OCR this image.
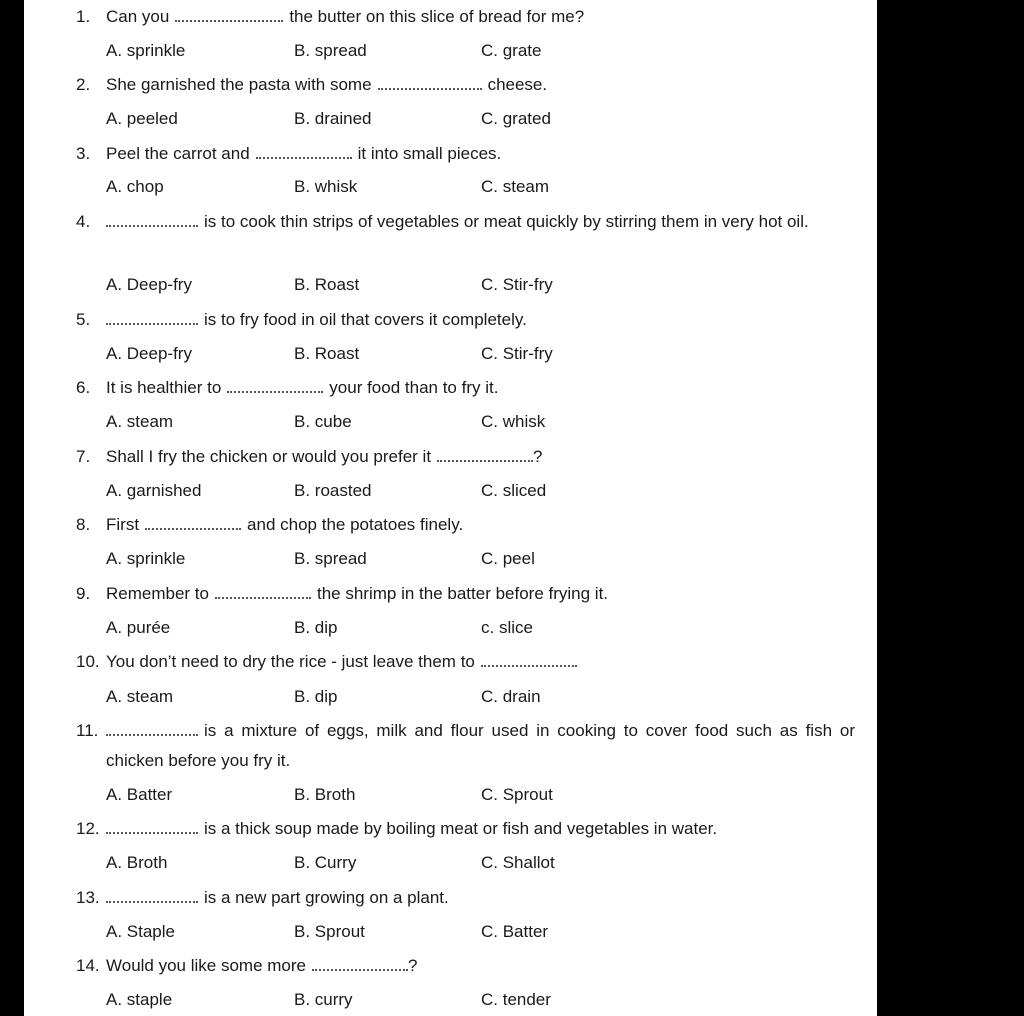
1. Can you	the butter on this slice of bread for me?
A. sprinkle	B. spread	C. grate
2. She garnished the pasta with some	cheese.
A. peeled	B. drained	C. grated
3. Peel the carrot and	it into small pieces.
A. chop	B. whisk	C. steam
4.	is to cook thin strips of vegetables or meat quickly by stirring them in very hot oil.
A. Deep-fry	B. Roast	C. Stir-fry
5.	is to fry food in oil that covers it completely.
A. Deep-fry	B. Roast	C. Stir-fry
6. It is healthier to	your food than to fry it.
A. steam	B. cube	C. whisk
7. Shall I fry the chicken or would you prefer it	?
A. garnished	B. roasted	C. sliced
8. First	and chop the potatoes finely.
A. sprinkle	B. spread	C. peel
9. Remember to	the shrimp in the batter before frying it.
A. purée	B. dip	c. slice
10. You don’t need to dry the rice - just leave them to
A. steam	B. dip	C. drain
11.	is a mixture of eggs, milk and flour used in cooking to cover food such as fish or chicken before you fry it.
A. Batter	B. Broth	C. Sprout
12.	is a thick soup made by boiling meat or fish and vegetables in water.
A. Broth	B. Curry	C. Shallot
13.	is a new part growing on a plant.
A. Staple	B. Sprout	C. Batter
14. Would you like some more	?
A. staple	B. curry	C. tender
